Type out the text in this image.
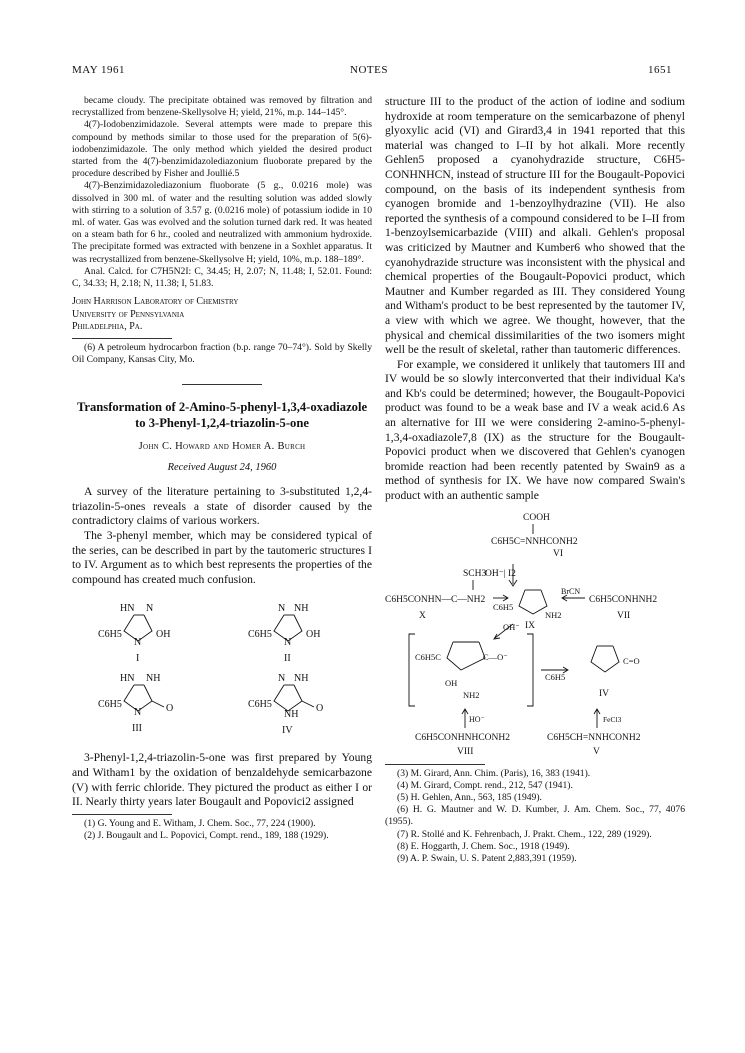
MAY 1961	NOTES	1651

became cloudy. The precipitate obtained was removed by filtration and recrystallized from benzene-Skellysolve H; yield, 21%, m.p. 144–145°.

4(7)-Iodobenzimidazole. Several attempts were made to prepare this compound by methods similar to those used for the preparation of 5(6)-iodobenzimidazole. The only method which yielded the desired product started from the 4(7)-benzimidazolediazonium fluoborate prepared by the procedure described by Fisher and Joullié.5

4(7)-Benzimidazolediazonium fluoborate (5 g., 0.0216 mole) was dissolved in 300 ml. of water and the resulting solution was added slowly with stirring to a solution of 3.57 g. (0.0216 mole) of potassium iodide in 10 ml. of water. Gas was evolved and the solution turned dark red. It was heated on a steam bath for 6 hr., cooled and neutralized with ammonium hydroxide. The precipitate formed was extracted with benzene in a Soxhlet apparatus. It was recrystallized from benzene-Skellysolve H; yield, 10%, m.p. 188–189°.

Anal. Calcd. for C7H5N2I: C, 34.45; H, 2.07; N, 11.48; I, 52.01. Found: C, 34.33; H, 2.18; N, 11.38; I, 51.83.

John Harrison Laboratory of Chemistry
University of Pennsylvania
Philadelphia, Pa.

(6) A petroleum hydrocarbon fraction (b.p. range 70–74°). Sold by Skelly Oil Company, Kansas City, Mo.

Transformation of 2-Amino-5-phenyl-1,3,4-oxadiazole to 3-Phenyl-1,2,4-triazolin-5-one
John C. Howard and Homer A. Burch
Received August 24, 1960

A survey of the literature pertaining to 3-substituted 1,2,4-triazolin-5-ones reveals a state of disorder caused by the contradictory claims of various workers.

The 3-phenyl member, which may be considered typical of the series, can be described in part by the tautomeric structures I to IV. Argument as to which best represents the properties of the compound has created much confusion.

HN N
C6H5
N
OH
I
N NH
C6H5
N
OH
II
HN NH
C6H5
N O
III
N NH
C6H5
NH
O
IV

3-Phenyl-1,2,4-triazolin-5-one was first prepared by Young and Witham1 by the oxidation of benzaldehyde semicarbazone (V) with ferric chloride. They pictured the product as either I or II. Nearly thirty years later Bougault and Popovici2 assigned

(1) G. Young and E. Witham, J. Chem. Soc., 77, 224 (1900).

(2) J. Bougault and L. Popovici, Compt. rend., 189, 188 (1929).

structure III to the product of the action of iodine and sodium hydroxide at room temperature on the semicarbazone of phenyl glyoxylic acid (VI) and Girard3,4 in 1941 reported that this material was changed to I–II by hot alkali. More recently Gehlen5 proposed a cyanohydrazide structure, C6H5-CONHNHCN, instead of structure III for the Bougault-Popovici compound, on the basis of its independent synthesis from cyanogen bromide and 1-benzoylhydrazine (VII). He also reported the synthesis of a compound considered to be I–II from 1-benzoylsemicarbazide (VIII) and alkali. Gehlen's proposal was criticized by Mautner and Kumber6 who showed that the cyanohydrazide structure was inconsistent with the physical and chemical properties of the Bougault-Popovici product, which Mautner and Kumber regarded as III. They considered Young and Witham's product to be best represented by the tautomer IV, a view with which we agree. We thought, however, that the physical and chemical dissimilarities of the two isomers might well be the result of skeletal, rather than tautomeric differences.

For example, we considered it unlikely that tautomers III and IV would be so slowly interconverted that their individual Ka's and Kb's could be determined; however, the Bougault-Popovici product was found to be a weak base and IV a weak acid.6 As an alternative for III we were considering 2-amino-5-phenyl-1,3,4-oxadiazole7,8 (IX) as the structure for the Bougault-Popovici product when we discovered that Gehlen's cyanogen bromide reaction had been recently patented by Swain9 as a method of synthesis for IX. We have now compared Swain's product with an authentic sample

COOH
C6H5C=NNHCONH2
VI
OH⁻| I2
SCH3
C6H5CONHN—C—NH2
X
BrCN
C6H5CONHNH2
VII
C6H5
NH2
IX
OH⁻
C6H5C	C—O⁻
OH
NH2
C6H5
C=O
IV
HO⁻	FeCl3
C6H5CONHNHCONH2
VIII
C6H5CH=NNHCONH2
V

(3) M. Girard, Ann. Chim. (Paris), 16, 383 (1941).

(4) M. Girard, Compt. rend., 212, 547 (1941).

(5) H. Gehlen, Ann., 563, 185 (1949).

(6) H. G. Mautner and W. D. Kumber, J. Am. Chem. Soc., 77, 4076 (1955).

(7) R. Stollé and K. Fehrenbach, J. Prakt. Chem., 122, 289 (1929).

(8) E. Hoggarth, J. Chem. Soc., 1918 (1949).

(9) A. P. Swain, U. S. Patent 2,883,391 (1959).
